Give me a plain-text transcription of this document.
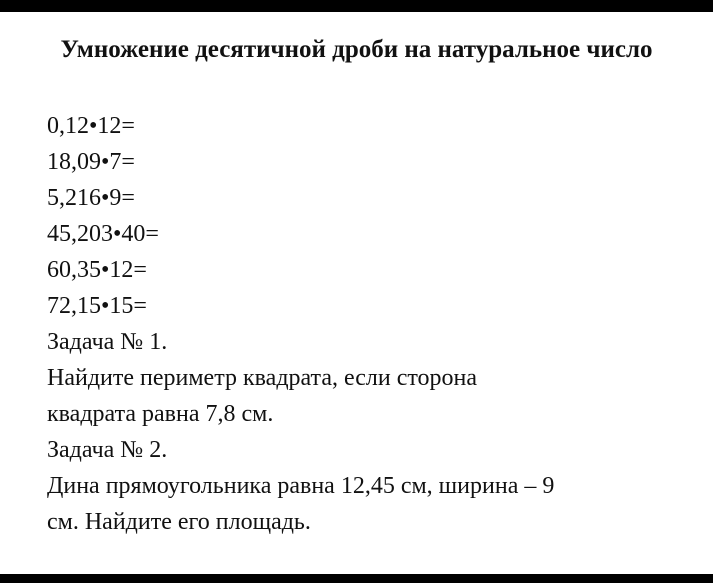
Умножение десятичной дроби на натуральное число
0,12•12=
18,09•7=
5,216•9=
45,203•40=
60,35•12=
72,15•15=
Задача № 1.
Найдите периметр квадрата, если сторона
квадрата равна 7,8 см.
Задача № 2.
Дина прямоугольника равна 12,45 см, ширина – 9
см. Найдите его площадь.
